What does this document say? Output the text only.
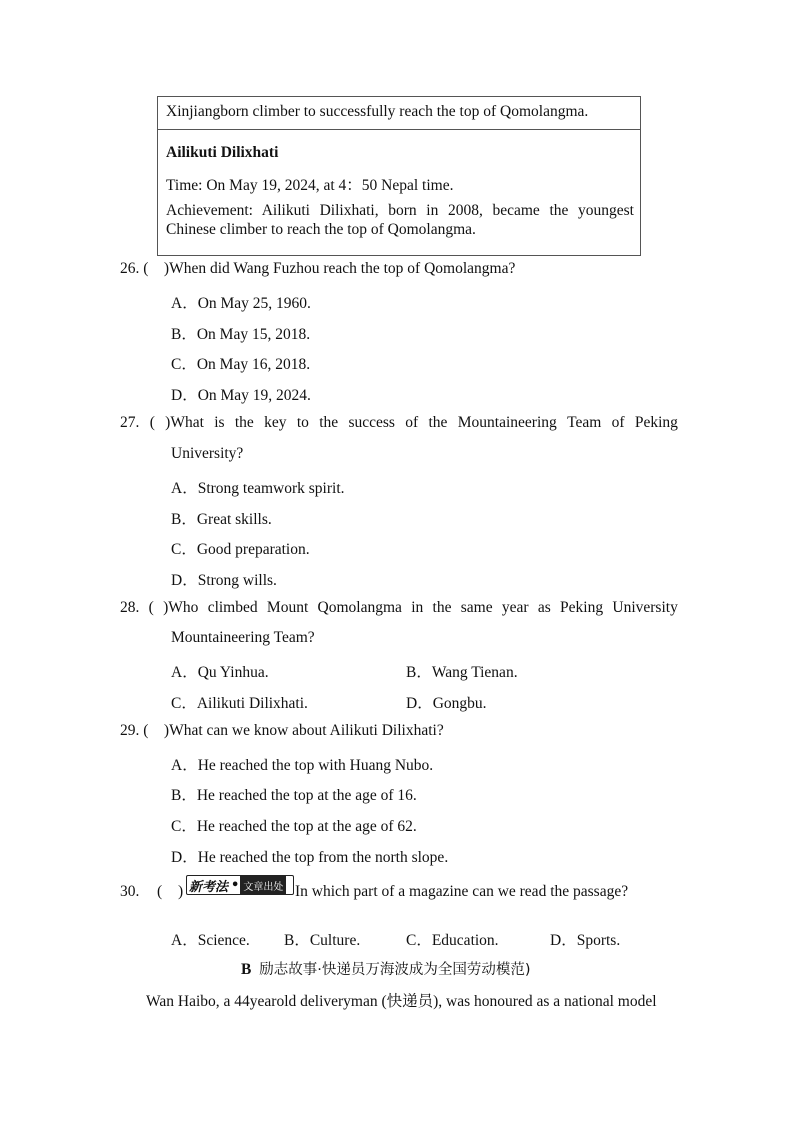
Xinjiangborn climber to successfully reach the top of Qomolangma.
Ailikuti Dilixhati
Time: On May 19, 2024, at 4：50 Nepal time.
Achievement: Ailikuti Dilixhati, born in 2008, became the youngest Chinese climber to reach the top of Qomolangma.
26. (    )When did Wang Fuzhou reach the top of Qomolangma?
A．On May 25, 1960.
B．On May 15, 2018.
C．On May 16, 2018.
D．On May 19, 2024.
27. ( )What is the key to the success of the Mountaineering Team of Peking
University?
A．Strong teamwork spirit.
B．Great skills.
C．Good preparation.
D．Strong wills.
28. ( )Who climbed Mount Qomolangma in the same year as Peking University
Mountaineering Team?
A．Qu Yinhua.	B．Wang Tienan.
C．Ailikuti Dilixhati.	D．Gongbu.
29. (    )What can we know about Ailikuti Dilixhati?
A．He reached the top with Huang Nubo.
B．He reached the top at the age of 16.
C．He reached the top at the age of 62.
D．He reached the top from the north slope.
30. ( ) 新考法 • 文章出处 In which part of a magazine can we read the passage?
A．Science. B．Culture.	C．Education.	D．Sports.
B 励志故事·快递员万海波成为全国劳动模范)
Wan Haibo, a 44yearold deliveryman (快递员), was honoured as a national model
